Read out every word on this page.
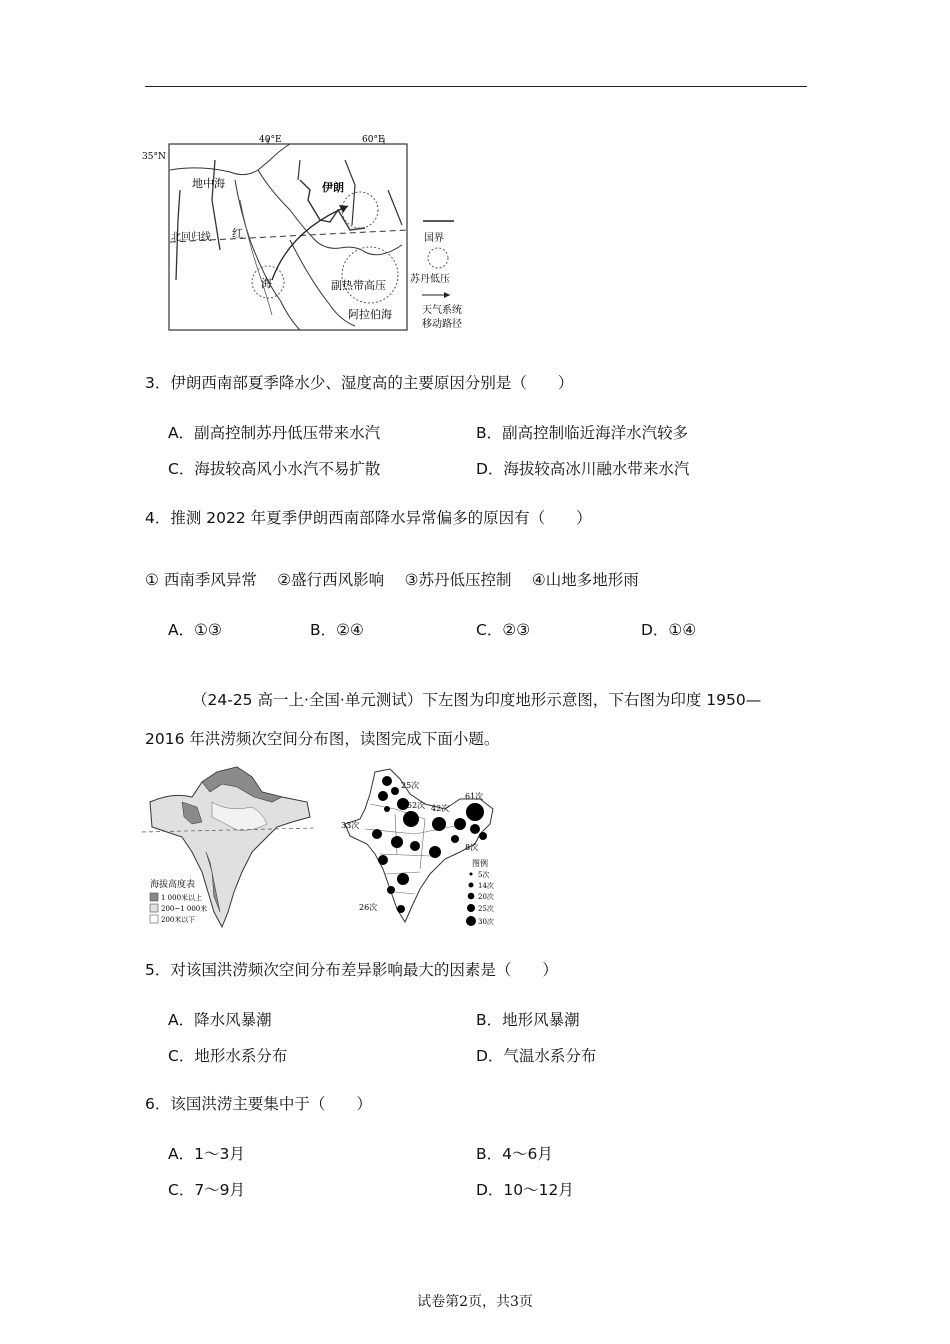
35°N
40°E	60°E
地中海	伊朗
北回归线 红
海	副热带高压
阿拉伯海
国界
苏丹低压
天气系统
移动路径
3．伊朗西南部夏季降水少、湿度高的主要原因分别是（　　）
A．副高控制苏丹低压带来水汽	B．副高控制临近海洋水汽较多
C．海拔较高风小水汽不易扩散	D．海拔较高冰川融水带来水汽
4．推测 2022 年夏季伊朗西南部降水异常偏多的原因有（　　）
① 西南季风异常　 ②盛行西风影响　 ③苏丹低压控制　 ④山地多地形雨
A．①③	B．②④	C．②③	D．①④
（24-25 高一上·全国·单元测试）下左图为印度地形示意图，下右图为印度 1950—
2016 年洪涝频次空间分布图，读图完成下面小题。
海拔高度表
1 000米以上
200~1 000米
200米以下
25次
52次 42次
61次
33次
8次
26次
图例
5次
14次
20次
25次
30次
5．对该国洪涝频次空间分布差异影响最大的因素是（　　）
A．降水风暴潮	B．地形风暴潮
C．地形水系分布	D．气温水系分布
6．该国洪涝主要集中于（　　）
A．1～3月	B．4～6月
C．7～9月	D．10～12月
试卷第2页，共3页
